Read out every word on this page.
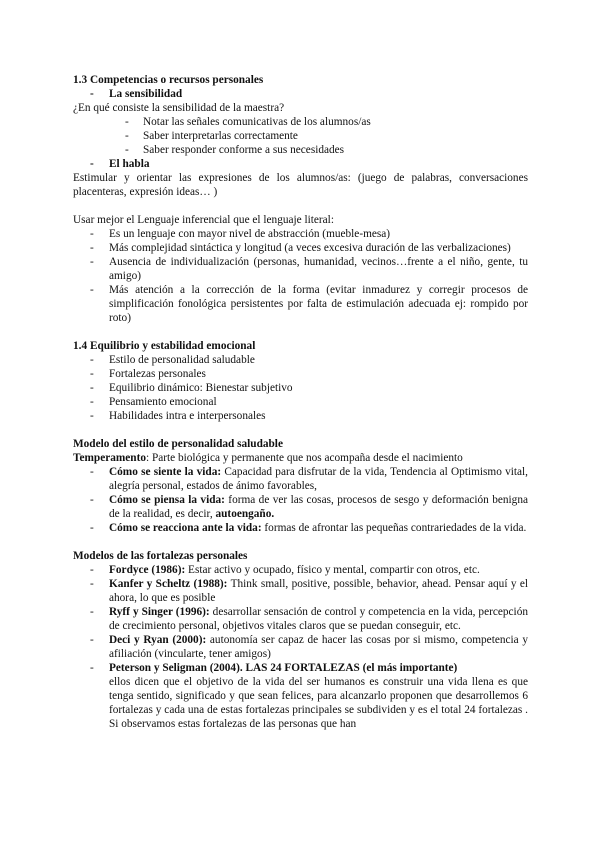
1.3 Competencias o recursos personales

- La sensibilidad

¿En qué consiste la sensibilidad de la maestra?

- Notar las señales comunicativas de los alumnos/as
- Saber interpretarlas correctamente
- Saber responder conforme a sus necesidades
- El habla

Estimular y orientar las expresiones de los alumnos/as: (juego de palabras, conversaciones placenteras, expresión ideas… )

Usar mejor el Lenguaje inferencial que el lenguaje literal:

- Es un lenguaje con mayor nivel de abstracción (mueble-mesa)
- Más complejidad sintáctica y longitud (a veces excesiva duración de las verbalizaciones)
- Ausencia de individualización (personas, humanidad, vecinos…frente a el niño, gente, tu amigo)
- Más atención a la corrección de la forma (evitar inmadurez y corregir procesos de simplificación fonológica persistentes por falta de estimulación adecuada ej: rompido por roto)

1.4 Equilibrio y estabilidad emocional

- Estilo de personalidad saludable
- Fortalezas personales
- Equilibrio dinámico: Bienestar subjetivo
- Pensamiento emocional
- Habilidades intra e interpersonales

Modelo del estilo de personalidad saludable

Temperamento: Parte biológica y permanente que nos acompaña desde el nacimiento

- Cómo se siente la vida: Capacidad para disfrutar de la vida, Tendencia al Optimismo vital, alegría personal, estados de ánimo favorables,
- Cómo se piensa la vida: forma de ver las cosas, procesos de sesgo y deformación benigna de la realidad, es decir, autoengaño.
- Cómo se reacciona ante la vida: formas de afrontar las pequeñas contrariedades de la vida.

Modelos de las fortalezas personales

- Fordyce (1986): Estar activo y ocupado, físico y mental, compartir con otros, etc.
- Kanfer y Scheltz (1988): Think small, positive, possible, behavior, ahead. Pensar aquí y el ahora, lo que es posible
- Ryff y Singer (1996): desarrollar sensación de control y competencia en la vida, percepción de crecimiento personal, objetivos vitales claros que se puedan conseguir, etc.
- Deci y Ryan (2000): autonomía ser capaz de hacer las cosas por si mismo, competencia y afiliación (vincularte, tener amigos)
- Peterson y Seligman (2004). LAS 24 FORTALEZAS (el más importante)
ellos dicen que el objetivo de la vida del ser humanos es construir una vida llena es que tenga sentido, significado y que sean felices, para alcanzarlo proponen que desarrollemos 6 fortalezas y cada una de estas fortalezas principales se subdividen y es el total 24 fortalezas . Si observamos estas fortalezas de las personas que han
